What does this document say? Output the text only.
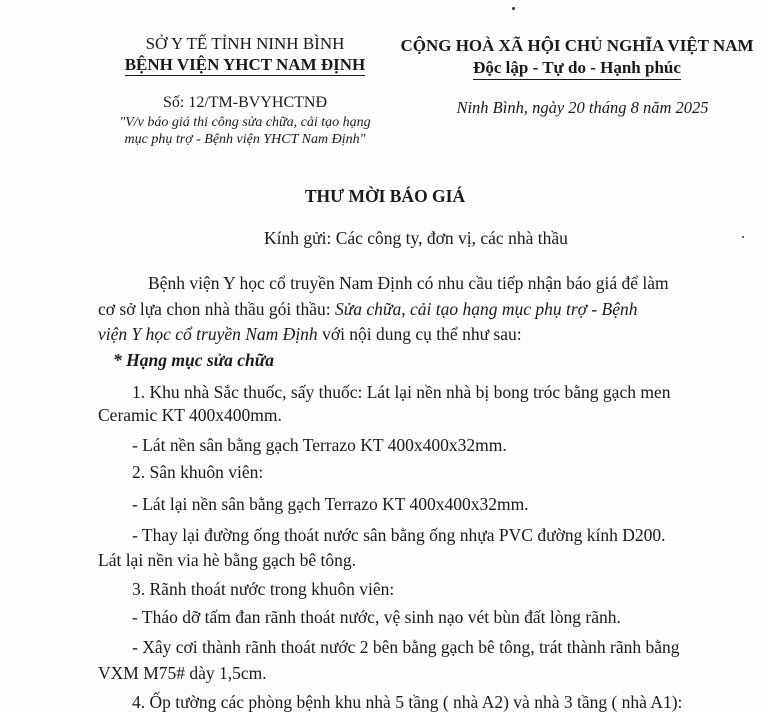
SỞ Y TẾ TỈNH NINH BÌNH
BỆNH VIỆN YHCT NAM ĐỊNH
Số: 12/TM-BVYHCTNĐ
"V/v báo giá thi công sửa chữa, cải tạo hạng
mục phụ trợ - Bệnh viện YHCT Nam Định"
CỘNG HOÀ XÃ HỘI CHỦ NGHĨA VIỆT NAM
Độc lập - Tự do - Hạnh phúc
Ninh Bình, ngày 20 tháng 8 năm 2025
THƯ MỜI BÁO GIÁ
Kính gửi: Các công ty, đơn vị, các nhà thầu
Bệnh viện Y học cổ truyền Nam Định có nhu cầu tiếp nhận báo giá để làm
cơ sở lựa chon nhà thầu gói thầu: Sửa chữa, cải tạo hạng mục phụ trợ - Bệnh
viện Y học cổ truyền Nam Định với nội dung cụ thể như sau:
* Hạng mục sửa chữa
1. Khu nhà Sắc thuốc, sấy thuốc: Lát lại nền nhà bị bong tróc bằng gạch men
Ceramic KT 400x400mm.
- Lát nền sân bằng gạch Terrazo KT 400x400x32mm.
2. Sân khuôn viên:
- Lát lại nền sân bằng gạch Terrazo KT 400x400x32mm.
- Thay lại đường ống thoát nước sân bằng ống nhựa PVC đường kính D200.
Lát lại nền via hè bằng gạch bê tông.
3. Rãnh thoát nước trong khuôn viên:
- Tháo dỡ tấm đan rãnh thoát nước, vệ sinh nạo vét bùn đất lòng rãnh.
- Xây cơi thành rãnh thoát nước 2 bên bằng gạch bê tông, trát thành rãnh bằng
VXM M75# dày 1,5cm.
4. Ốp tường các phòng bệnh khu nhà 5 tầng ( nhà A2) và nhà 3 tầng ( nhà A1):
